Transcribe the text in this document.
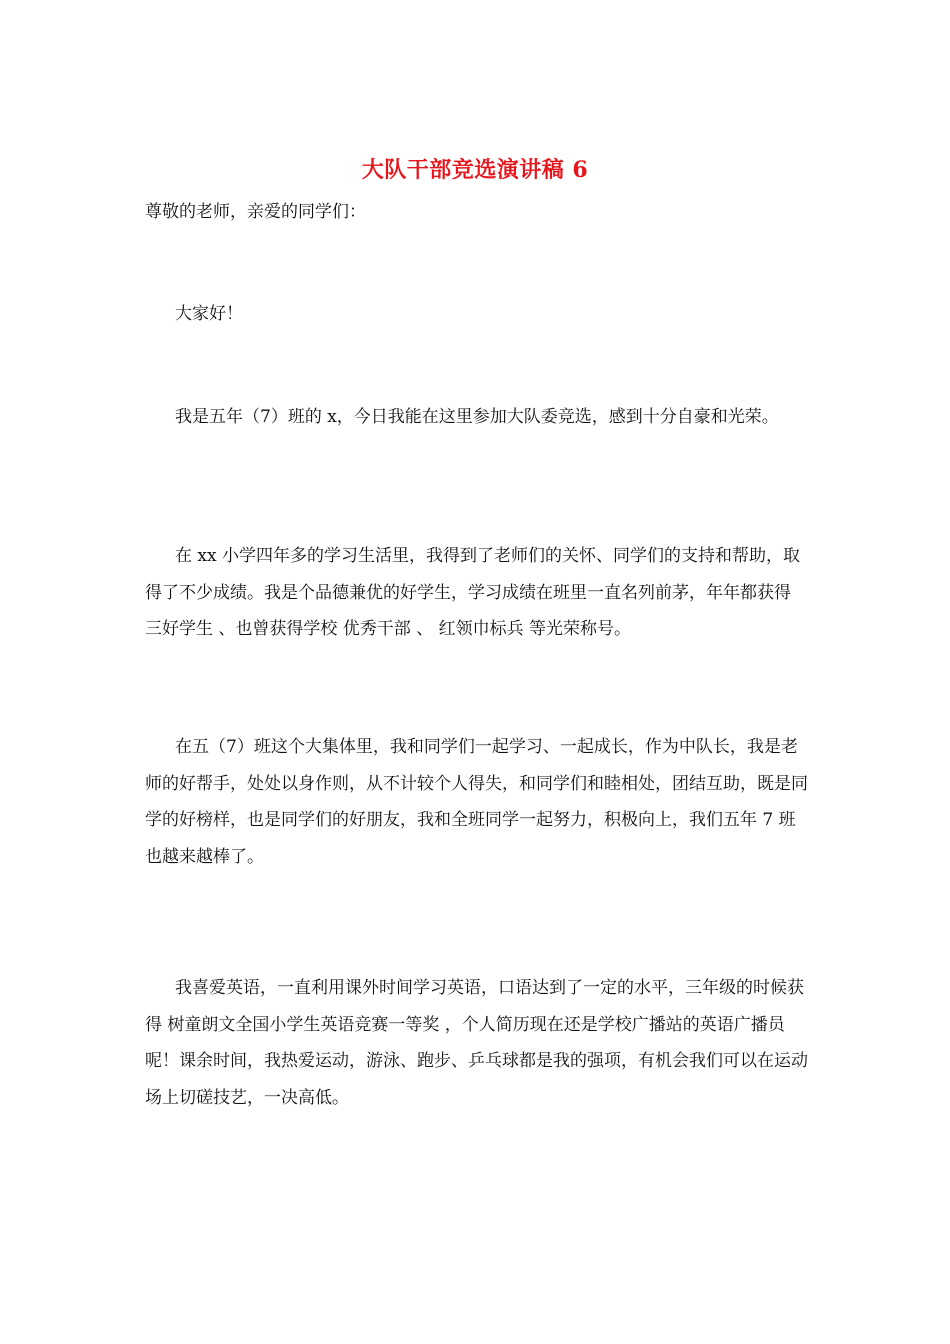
大队干部竞选演讲稿 6

尊敬的老师，亲爱的同学们：

大家好！

我是五年（7）班的 x，今日我能在这里参加大队委竞选，感到十分自豪和光荣。

在 xx 小学四年多的学习生活里，我得到了老师们的关怀、同学们的支持和帮助，取得了不少成绩。我是个品德兼优的好学生，学习成绩在班里一直名列前茅，年年都获得 三好学生 、也曾获得学校 优秀干部 、 红领巾标兵 等光荣称号。

在五（7）班这个大集体里，我和同学们一起学习、一起成长，作为中队长，我是老师的好帮手，处处以身作则，从不计较个人得失，和同学们和睦相处，团结互助，既是同学的好榜样，也是同学们的好朋友，我和全班同学一起努力，积极向上，我们五年 7 班也越来越棒了。

我喜爱英语，一直利用课外时间学习英语，口语达到了一定的水平，三年级的时候获得 树童朗文全国小学生英语竞赛一等奖 ，个人简历现在还是学校广播站的英语广播员呢！课余时间，我热爱运动，游泳、跑步、乒乓球都是我的强项，有机会我们可以在运动场上切磋技艺，一决高低。
